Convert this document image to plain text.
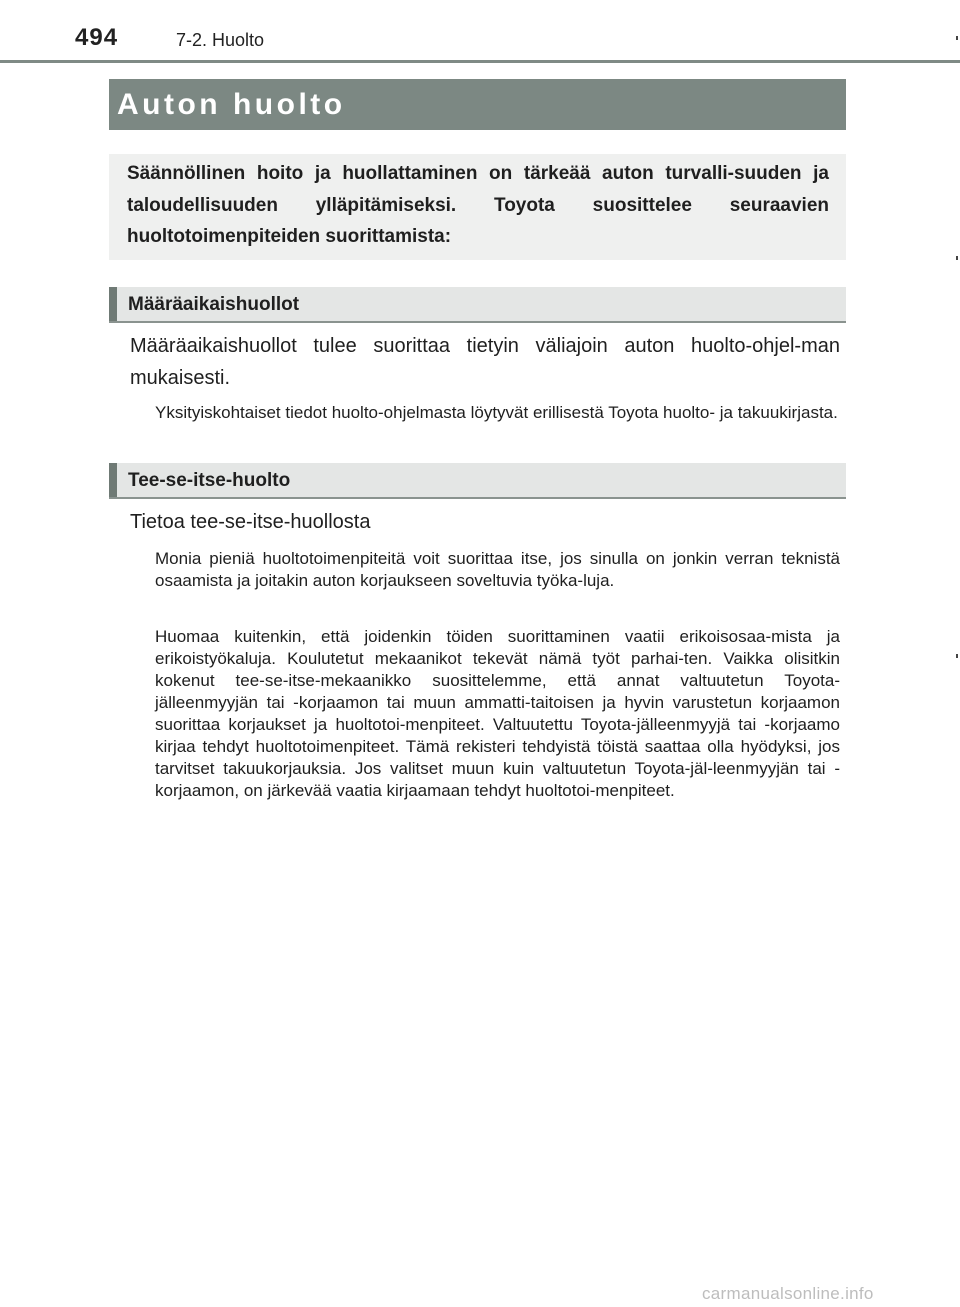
494	7-2. Huolto
Auton huolto
Säännöllinen hoito ja huollattaminen on tärkeää auton turvalli-suuden ja taloudellisuuden ylläpitämiseksi. Toyota suosittelee seuraavien huoltotoimenpiteiden suorittamista:
Määräaikaishuollot
Määräaikaishuollot tulee suorittaa tietyin väliajoin auton huolto-ohjel-man mukaisesti.
Yksityiskohtaiset tiedot huolto-ohjelmasta löytyvät erillisestä Toyota huolto- ja takuukirjasta.
Tee-se-itse-huolto
Tietoa tee-se-itse-huollosta
Monia pieniä huoltotoimenpiteitä voit suorittaa itse, jos sinulla on jonkin verran teknistä osaamista ja joitakin auton korjaukseen soveltuvia työka-luja.
Huomaa kuitenkin, että joidenkin töiden suorittaminen vaatii erikoisosaa-mista ja erikoistyökaluja. Koulutetut mekaanikot tekevät nämä työt parhai-ten. Vaikka olisitkin kokenut tee-se-itse-mekaanikko suosittelemme, että annat valtuutetun Toyota-jälleenmyyjän tai -korjaamon tai muun ammatti-taitoisen ja hyvin varustetun korjaamon suorittaa korjaukset ja huoltotoi-menpiteet. Valtuutettu Toyota-jälleenmyyjä tai -korjaamo kirjaa tehdyt huoltotoimenpiteet. Tämä rekisteri tehdyistä töistä saattaa olla hyödyksi, jos tarvitset takuukorjauksia. Jos valitset muun kuin valtuutetun Toyota-jäl-leenmyyjän tai -korjaamon, on järkevää vaatia kirjaamaan tehdyt huoltotoi-menpiteet.
carmanualsonline.info
